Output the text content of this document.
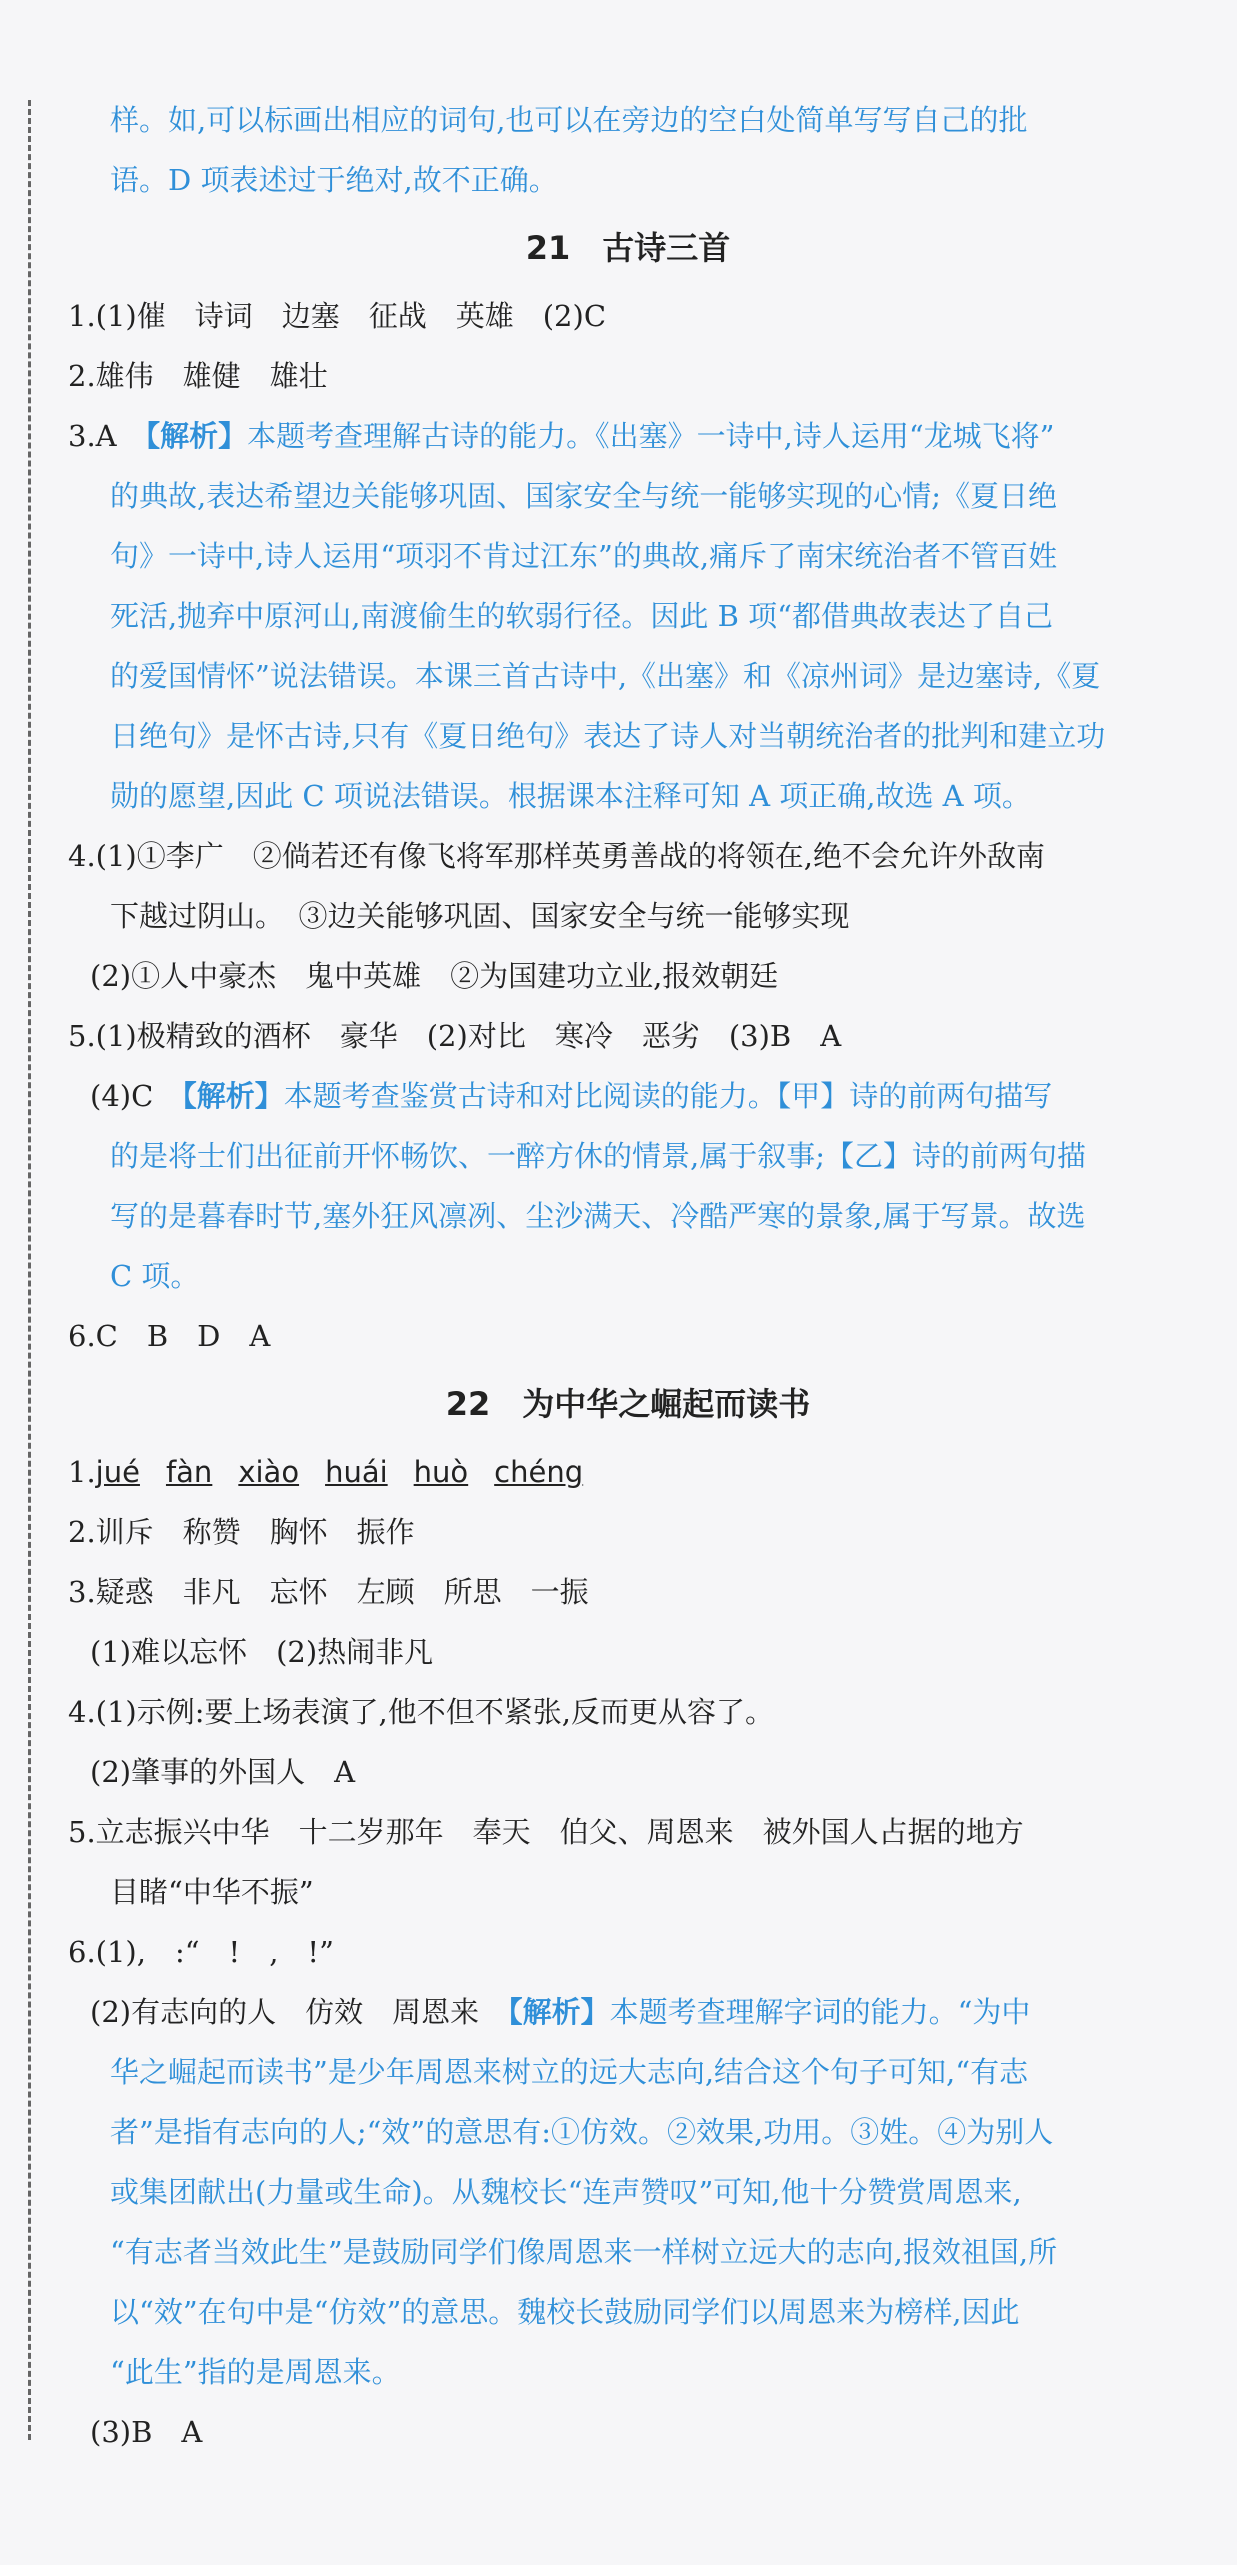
样。如,可以标画出相应的词句,也可以在旁边的空白处简单写写自己的批
语。D 项表述过于绝对,故不正确。
21 古诗三首
1.(1)催　诗词　边塞　征战　英雄　(2)C
2.雄伟　雄健　雄壮
3.A　【解析】本题考查理解古诗的能力。《出塞》一诗中,诗人运用“龙城飞将”
的典故,表达希望边关能够巩固、国家安全与统一能够实现的心情;《夏日绝
句》一诗中,诗人运用“项羽不肯过江东”的典故,痛斥了南宋统治者不管百姓
死活,抛弃中原河山,南渡偷生的软弱行径。因此 B 项“都借典故表达了自己
的爱国情怀”说法错误。本课三首古诗中,《出塞》和《凉州词》是边塞诗,《夏
日绝句》是怀古诗,只有《夏日绝句》表达了诗人对当朝统治者的批判和建立功
勋的愿望,因此 C 项说法错误。根据课本注释可知 A 项正确,故选 A 项。
4.(1)①李广　②倘若还有像飞将军那样英勇善战的将领在,绝不会允许外敌南
下越过阴山。　③边关能够巩固、国家安全与统一能够实现
(2)①人中豪杰　鬼中英雄　②为国建功立业,报效朝廷
5.(1)极精致的酒杯　豪华　(2)对比　寒冷　恶劣　(3)B　A
(4)C　【解析】本题考查鉴赏古诗和对比阅读的能力。【甲】诗的前两句描写
的是将士们出征前开怀畅饮、一醉方休的情景,属于叙事;【乙】诗的前两句描
写的是暮春时节,塞外狂风凛冽、尘沙满天、冷酷严寒的景象,属于写景。故选
C 项。
6.C　B　D　A
22 为中华之崛起而读书
1.jué fàn xiào huái huò chéng
2.训斥　称赞　胸怀　振作
3.疑惑　非凡　忘怀　左顾　所思　一振
(1)难以忘怀　(2)热闹非凡
4.(1)示例:要上场表演了,他不但不紧张,反而更从容了。
(2)肇事的外国人　A
5.立志振兴中华　十二岁那年　奉天　伯父、周恩来　被外国人占据的地方
目睹“中华不振”
6.(1),　:“　!　,　!”
(2)有志向的人　仿效　周恩来　【解析】本题考查理解字词的能力。“为中
华之崛起而读书”是少年周恩来树立的远大志向,结合这个句子可知,“有志
者”是指有志向的人;“效”的意思有:①仿效。②效果,功用。③姓。④为别人
或集团献出(力量或生命)。从魏校长“连声赞叹”可知,他十分赞赏周恩来,
“有志者当效此生”是鼓励同学们像周恩来一样树立远大的志向,报效祖国,所
以“效”在句中是“仿效”的意思。魏校长鼓励同学们以周恩来为榜样,因此
“此生”指的是周恩来。
(3)B　A
